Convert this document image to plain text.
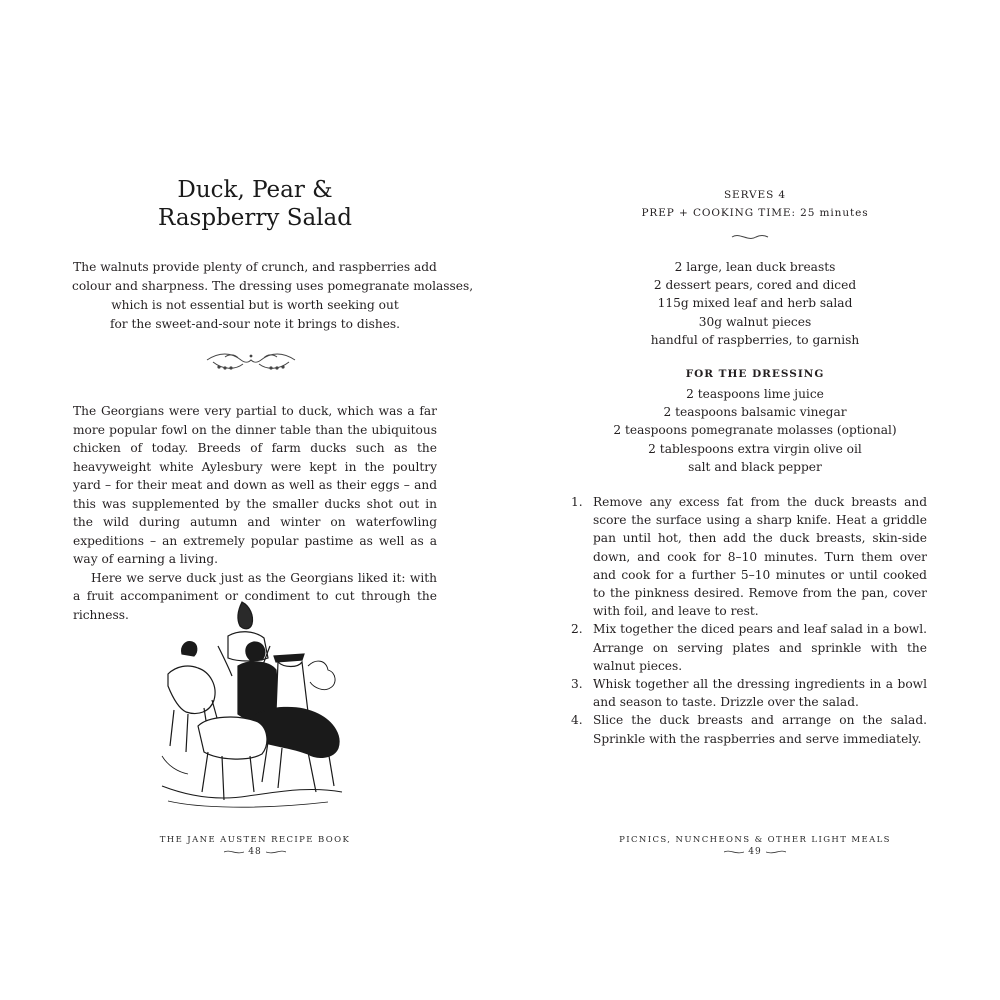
Duck, Pear &
Raspberry Salad
The walnuts provide plenty of crunch, and raspberries add
colour and sharpness. The dressing uses pomegranate molasses,
which is not essential but is worth seeking out
for the sweet-and-sour note it brings to dishes.

The Georgians were very partial to duck, which was a far more popular fowl on the dinner table than the ubiquitous chicken of today. Breeds of farm ducks such as the heavyweight white Aylesbury were kept in the poultry yard – for their meat and down as well as their eggs – and this was supplemented by the smaller ducks shot out in the wild during autumn and winter on waterfowling expeditions – an extremely popular pastime as well as a way of earning a living.

Here we serve duck just as the Georgians liked it: with a fruit accompaniment or condiment to cut through the richness.

THE JANE AUSTEN RECIPE BOOK
48
SERVES 4
PREP + COOKING TIME: 25 minutes
2 large, lean duck breasts
2 dessert pears, cored and diced
115g mixed leaf and herb salad
30g walnut pieces
handful of raspberries, to garnish
FOR THE DRESSING
2 teaspoons lime juice
2 teaspoons balsamic vinegar
2 teaspoons pomegranate molasses (optional)
2 tablespoons extra virgin olive oil
salt and black pepper
1. Remove any excess fat from the duck breasts and score the surface using a sharp knife. Heat a griddle pan until hot, then add the duck breasts, skin-side down, and cook for 8–10 minutes. Turn them over and cook for a further 5–10 minutes or until cooked to the pinkness desired. Remove from the pan, cover with foil, and leave to rest.
2. Mix together the diced pears and leaf salad in a bowl. Arrange on serving plates and sprinkle with the walnut pieces.
3. Whisk together all the dressing ingredients in a bowl and season to taste. Drizzle over the salad.
4. Slice the duck breasts and arrange on the salad. Sprinkle with the raspberries and serve immediately.
PICNICS, NUNCHEONS & OTHER LIGHT MEALS
49
